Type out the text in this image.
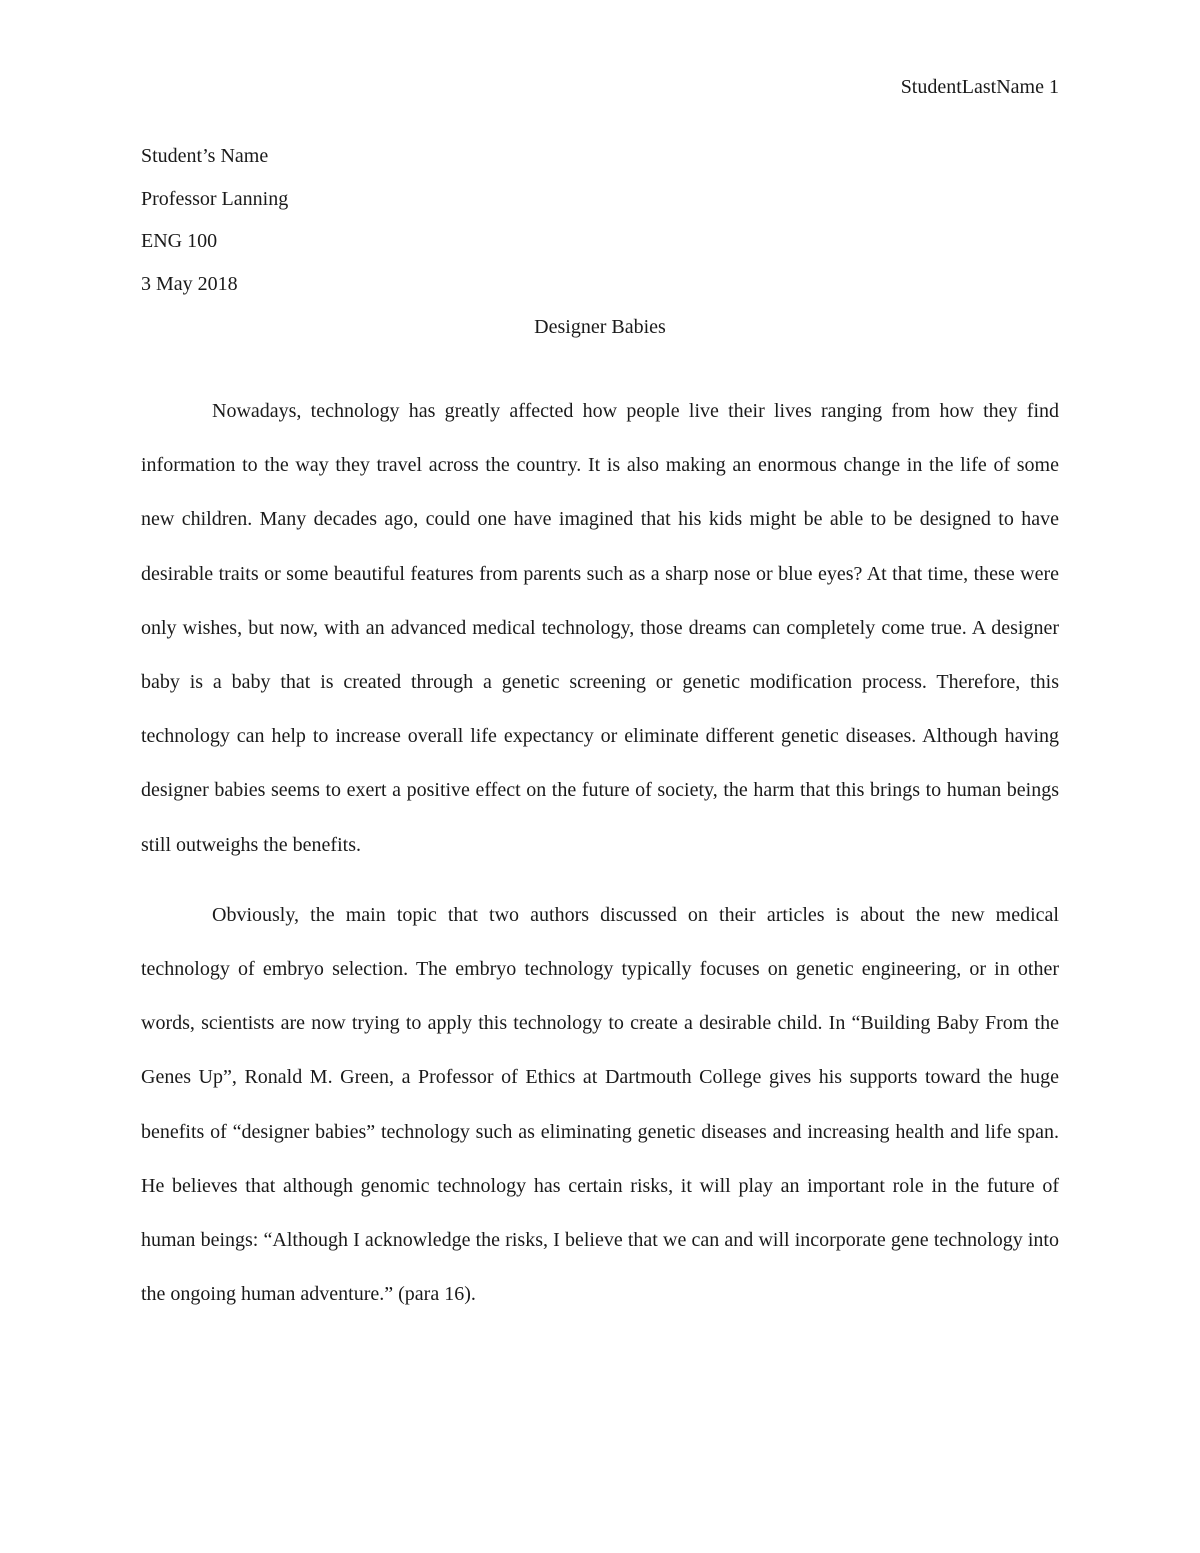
StudentLastName 1
Student’s Name
Professor Lanning
ENG 100
3 May 2018
Designer Babies

Nowadays, technology has greatly affected how people live their lives ranging from how they find information to the way they travel across the country. It is also making an enormous change in the life of some new children. Many decades ago, could one have imagined that his kids might be able to be designed to have desirable traits or some beautiful features from parents such as a sharp nose or blue eyes? At that time, these were only wishes, but now, with an advanced medical technology, those dreams can completely come true. A designer baby is a baby that is created through a genetic screening or genetic modification process. Therefore, this technology can help to increase overall life expectancy or eliminate different genetic diseases. Although having designer babies seems to exert a positive effect on the future of society, the harm that this brings to human beings still outweighs the benefits.

Obviously, the main topic that two authors discussed on their articles is about the new medical technology of embryo selection. The embryo technology typically focuses on genetic engineering, or in other words, scientists are now trying to apply this technology to create a desirable child. In “Building Baby From the Genes Up”, Ronald M. Green, a Professor of Ethics at Dartmouth College gives his supports toward the huge benefits of “designer babies” technology such as eliminating genetic diseases and increasing health and life span. He believes that although genomic technology has certain risks, it will play an important role in the future of human beings: “Although I acknowledge the risks, I believe that we can and will incorporate gene technology into the ongoing human adventure.” (para 16).
